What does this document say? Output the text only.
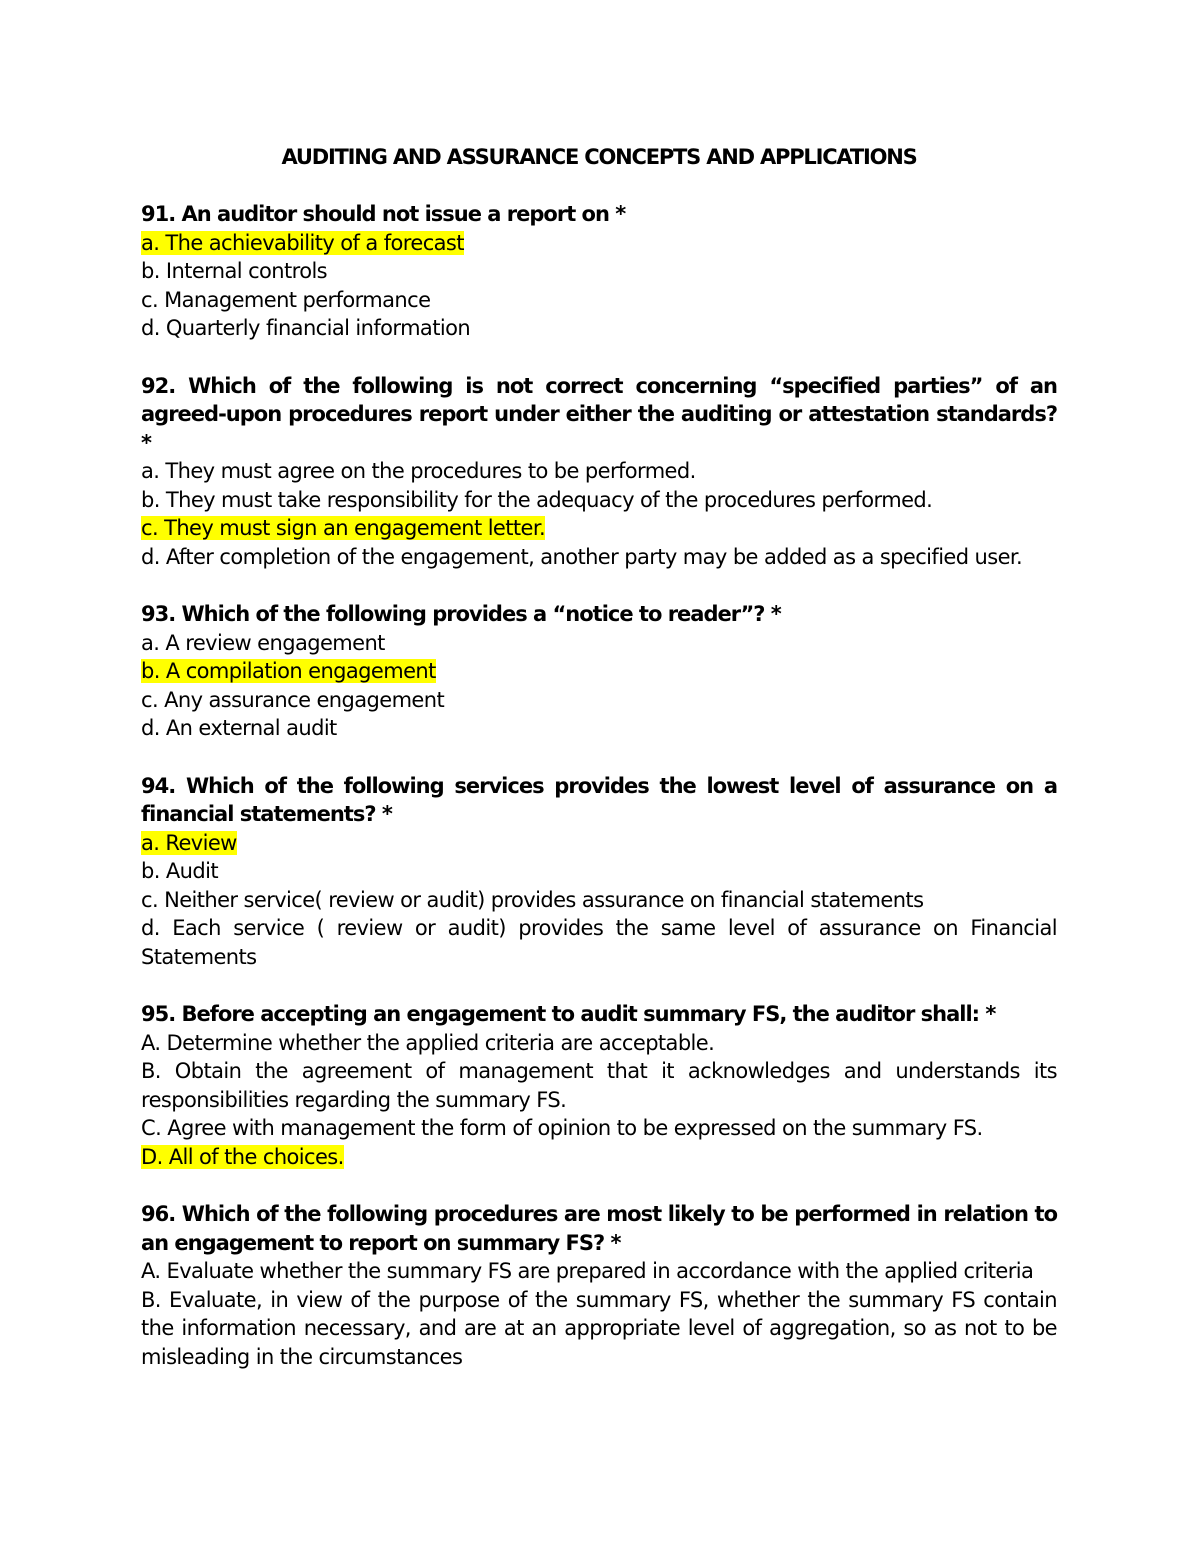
AUDITING AND ASSURANCE CONCEPTS AND APPLICATIONS

91. An auditor should not issue a report on *

a. The achievability of a forecast

b. Internal controls

c. Management performance

d. Quarterly financial information

92. Which of the following is not correct concerning “specified parties” of an agreed-upon procedures report under either the auditing or attestation standards? *

a. They must agree on the procedures to be performed.

b. They must take responsibility for the adequacy of the procedures performed.

c. They must sign an engagement letter.

d. After completion of the engagement, another party may be added as a specified user.

93. Which of the following provides a “notice to reader”? *

a. A review engagement

b. A compilation engagement

c. Any assurance engagement

d. An external audit

94. Which of the following services provides the lowest level of assurance on a financial statements? *

a. Review

b. Audit

c. Neither service( review or audit) provides assurance on financial statements

d. Each service ( review or audit) provides the same level of assurance on Financial Statements

95. Before accepting an engagement to audit summary FS, the auditor shall: *

A. Determine whether the applied criteria are acceptable.

B. Obtain the agreement of management that it acknowledges and understands its responsibilities regarding the summary FS.

C. Agree with management the form of opinion to be expressed on the summary FS.

D. All of the choices.

96. Which of the following procedures are most likely to be performed in relation to an engagement to report on summary FS? *

A. Evaluate whether the summary FS are prepared in accordance with the applied criteria

B. Evaluate, in view of the purpose of the summary FS, whether the summary FS contain the information necessary, and are at an appropriate level of aggregation, so as not to be misleading in the circumstances
